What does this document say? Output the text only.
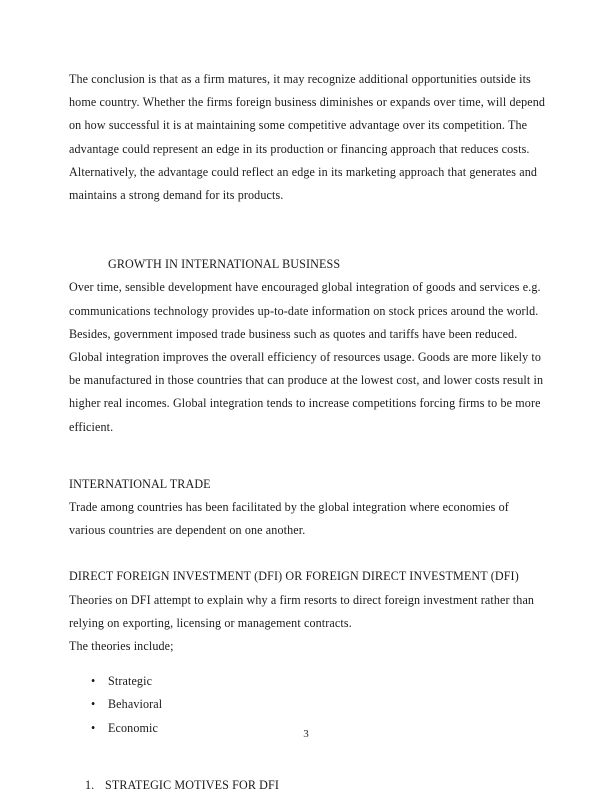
The conclusion is that as a firm matures, it may recognize additional opportunities outside its home country. Whether the firms foreign business diminishes or expands over time, will depend on how successful it is at maintaining some competitive advantage over its competition. The advantage could represent an edge in its production or financing approach that reduces costs. Alternatively, the advantage could reflect an edge in its marketing approach that generates and maintains a strong demand for its products.

GROWTH IN INTERNATIONAL BUSINESS

Over time, sensible development have encouraged global integration of goods and services e.g. communications technology provides up-to-date information on stock prices around the world. Besides, government imposed trade business such as quotes and tariffs have been reduced. Global integration improves the overall efficiency of resources usage. Goods are more likely to be manufactured in those countries that can produce at the lowest cost, and lower costs result in higher real incomes. Global integration tends to increase competitions forcing firms to be more efficient.

INTERNATIONAL TRADE

Trade among countries has been facilitated by the global integration where economies of various countries are dependent on one another.

DIRECT FOREIGN INVESTMENT (DFI) OR FOREIGN DIRECT INVESTMENT (DFI)

Theories on DFI attempt to explain why a firm resorts to direct foreign investment rather than relying on exporting, licensing or management contracts.

The theories include;

• Strategic
• Behavioral
• Economic
1. STRATEGIC MOTIVES FOR DFI
3
